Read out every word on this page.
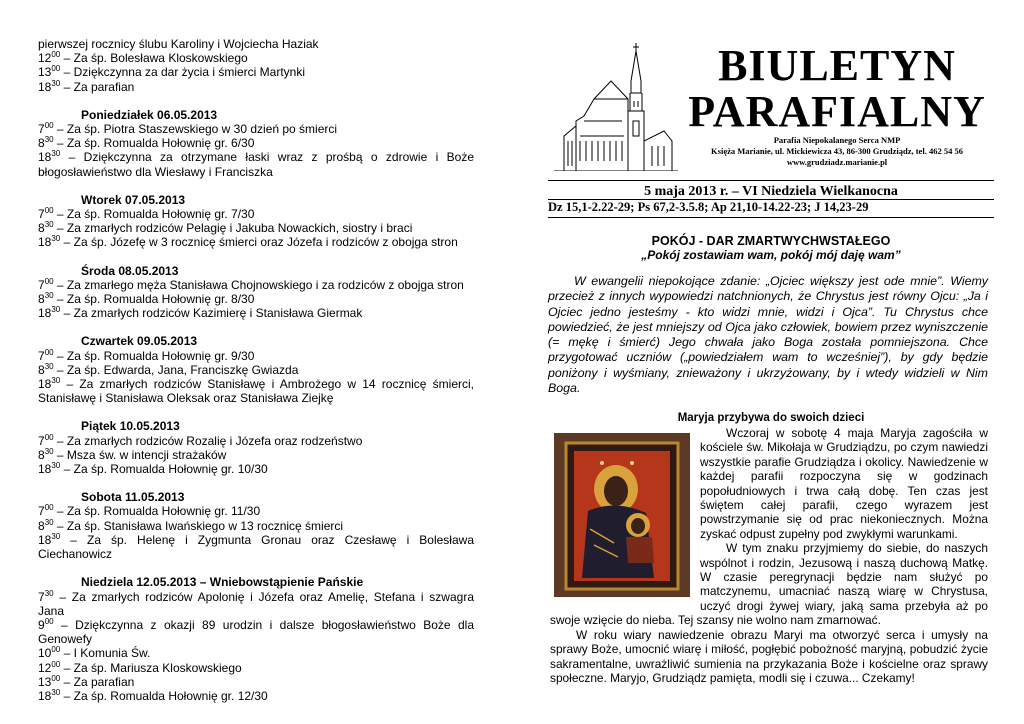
pierwszej rocznicy ślubu Karoliny i Wojciecha Haziak

$12^{00}$ – Za śp. Bolesława Kloskowskiego

$13^{00}$ – Dziękczynna za dar życia i śmierci Martynki

$18^{30}$ – Za parafian

Poniedziałek 06.05.2013

$7^{00}$ – Za śp. Piotra Staszewskiego w 30 dzień po śmierci

$8^{30}$ – Za śp. Romualda Hołownię gr. 6/30

$18^{30}$ – Dziękczynna za otrzymane łaski wraz z prośbą o zdrowie i Boże błogosławieństwo dla Wiesławy i Franciszka

Wtorek 07.05.2013

$7^{00}$ – Za śp. Romualda Hołownię gr. 7/30

$8^{30}$ – Za zmarłych rodziców Pelagię i Jakuba Nowackich, siostry i braci

$18^{30}$ – Za śp. Józefę w 3 rocznicę śmierci oraz Józefa i rodziców z obojga stron

Środa 08.05.2013

$7^{00}$ – Za zmarłego męża Stanisława Chojnowskiego i za rodziców z obojga stron

$8^{30}$ – Za śp. Romualda Hołownię gr. 8/30

$18^{30}$ – Za zmarłych rodziców Kazimierę i Stanisława Giermak

Czwartek 09.05.2013

$7^{00}$ – Za śp. Romualda Hołownię gr. 9/30

$8^{30}$ – Za śp. Edwarda, Jana, Franciszkę Gwiazda

$18^{30}$ – Za zmarłych rodziców Stanisławę i Ambrożego w 14 rocznicę śmierci, Stanisławę i Stanisława Oleksak oraz Stanisława Ziejkę

Piątek 10.05.2013

$7^{00}$ – Za zmarłych rodziców Rozalię i Józefa oraz rodzeństwo

$8^{30}$ – Msza św. w intencji strażaków

$18^{30}$ – Za śp. Romualda Hołownię gr. 10/30

Sobota 11.05.2013

$7^{00}$ – Za śp. Romualda Hołownię gr. 11/30

$8^{30}$ – Za śp. Stanisława Iwańskiego w 13 rocznicę śmierci

$18^{30}$ – Za śp. Helenę i Zygmunta Gronau oraz Czesławę i Bolesława Ciechanowicz

Niedziela 12.05.2013 – Wniebowstąpienie Pańskie

$7^{30}$ – Za zmarłych rodziców Apolonię i Józefa oraz Amelię, Stefana i szwagra Jana

$9^{00}$ – Dziękczynna z okazji 89 urodzin i dalsze błogosławieństwo Boże dla Genowefy

$10^{00}$ – I Komunia Św.

$12^{00}$ – Za śp. Mariusza Kloskowskiego

$13^{00}$ – Za parafian

$18^{30}$ – Za śp. Romualda Hołownię gr. 12/30

BIULETYN
PARAFIALNY
Parafia Niepokalanego Serca NMP
Księża Marianie, ul. Mickiewicza 43, 86-300 Grudziądz, tel. 462 54 56
www.grudziadz.marianie.pl
5 maja 2013 r. – VI Niedziela Wielkanocna
Dz 15,1-2.22-29; Ps 67,2-3.5.8; Ap 21,10-14.22-23; J 14,23-29
POKÓJ - DAR ZMARTWYCHWSTAŁEGO
„Pokój zostawiam wam, pokój mój daję wam”

W ewangelii niepokojące zdanie: „Ojciec większy jest ode mnie”. Wiemy przecież z innych wypowiedzi natchnionych, że Chrystus jest równy Ojcu: „Ja i Ojciec jedno jesteśmy - kto widzi mnie, widzi i Ojca”. Tu Chrystus chce powiedzieć, że jest mniejszy od Ojca jako człowiek, bowiem przez wyniszczenie (= mękę i śmierć) Jego chwała jako Boga została pomniejszona. Chce przygotować uczniów („powiedziałem wam to wcześniej”), by gdy będzie poniżony i wyśmiany, znieważony i ukrzyżowany, by i wtedy widzieli w Nim Boga.

Maryja przybywa do swoich dzieci

Wczoraj w sobotę 4 maja Maryja zagościła w kościele św. Mikołaja w Grudziądzu, po czym nawiedzi wszystkie parafie Grudziądza i okolicy. Nawiedzenie w każdej parafii rozpoczyna się w godzinach popołudniowych i trwa całą dobę. Ten czas jest świętem całej parafii, czego wyrazem jest powstrzymanie się od prac niekoniecznych. Można zyskać odpust zupełny pod zwykłymi warunkami.

W tym znaku przyjmiemy do siebie, do naszych wspólnot i rodzin, Jezusową i naszą duchową Matkę. W czasie peregrynacji będzie nam służyć po matczynemu, umacniać naszą wiarę w Chrystusa, uczyć drogi żywej wiary, jaką sama przebyła aż po swoje wzięcie do nieba. Tej szansy nie wolno nam zmarnować.

W roku wiary nawiedzenie obrazu Maryi ma otworzyć serca i umysły na sprawy Boże, umocnić wiarę i miłość, pogłębić pobożność maryjną, pobudzić życie sakramentalne, uwrażliwić sumienia na przykazania Boże i kościelne oraz sprawy społeczne. Maryjo, Grudziądz pamięta, modli się i czuwa... Czekamy!
